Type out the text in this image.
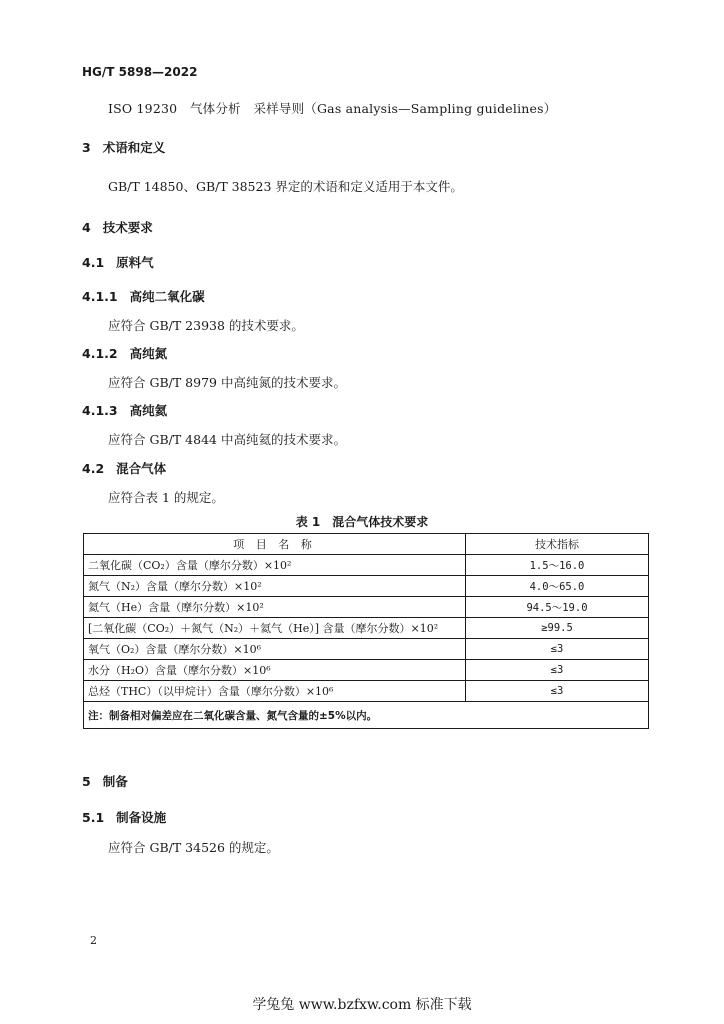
HG/T 5898—2022
ISO 19230　气体分析　采样导则（Gas analysis—Sampling guidelines）
3 术语和定义
GB/T 14850、GB/T 38523 界定的术语和定义适用于本文件。
4 技术要求
4.1 原料气
4.1.1 高纯二氧化碳
应符合 GB/T 23938 的技术要求。
4.1.2 高纯氮
应符合 GB/T 8979 中高纯氮的技术要求。
4.1.3 高纯氦
应符合 GB/T 4844 中高纯氦的技术要求。
4.2 混合气体
应符合表 1 的规定。
表 1　混合气体技术要求
项 目 名 称	技术指标
二氧化碳（CO₂）含量（摩尔分数）×10²	1.5～16.0
氮气（N₂）含量（摩尔分数）×10²	4.0～65.0
氦气（He）含量（摩尔分数）×10²	94.5～19.0
[二氧化碳（CO₂）＋氮气（N₂）＋氦气（He）] 含量（摩尔分数）×10²	≥99.5
氧气（O₂）含量（摩尔分数）×10⁶	≤3
水分（H₂O）含量（摩尔分数）×10⁶	≤3
总烃（THC）（以甲烷计）含量（摩尔分数）×10⁶	≤3
注：制备相对偏差应在二氧化碳含量、氮气含量的±5%以内。	
5 制备
5.1 制备设施
应符合 GB/T 34526 的规定。
2
学兔兔 www.bzfxw.com 标准下载
